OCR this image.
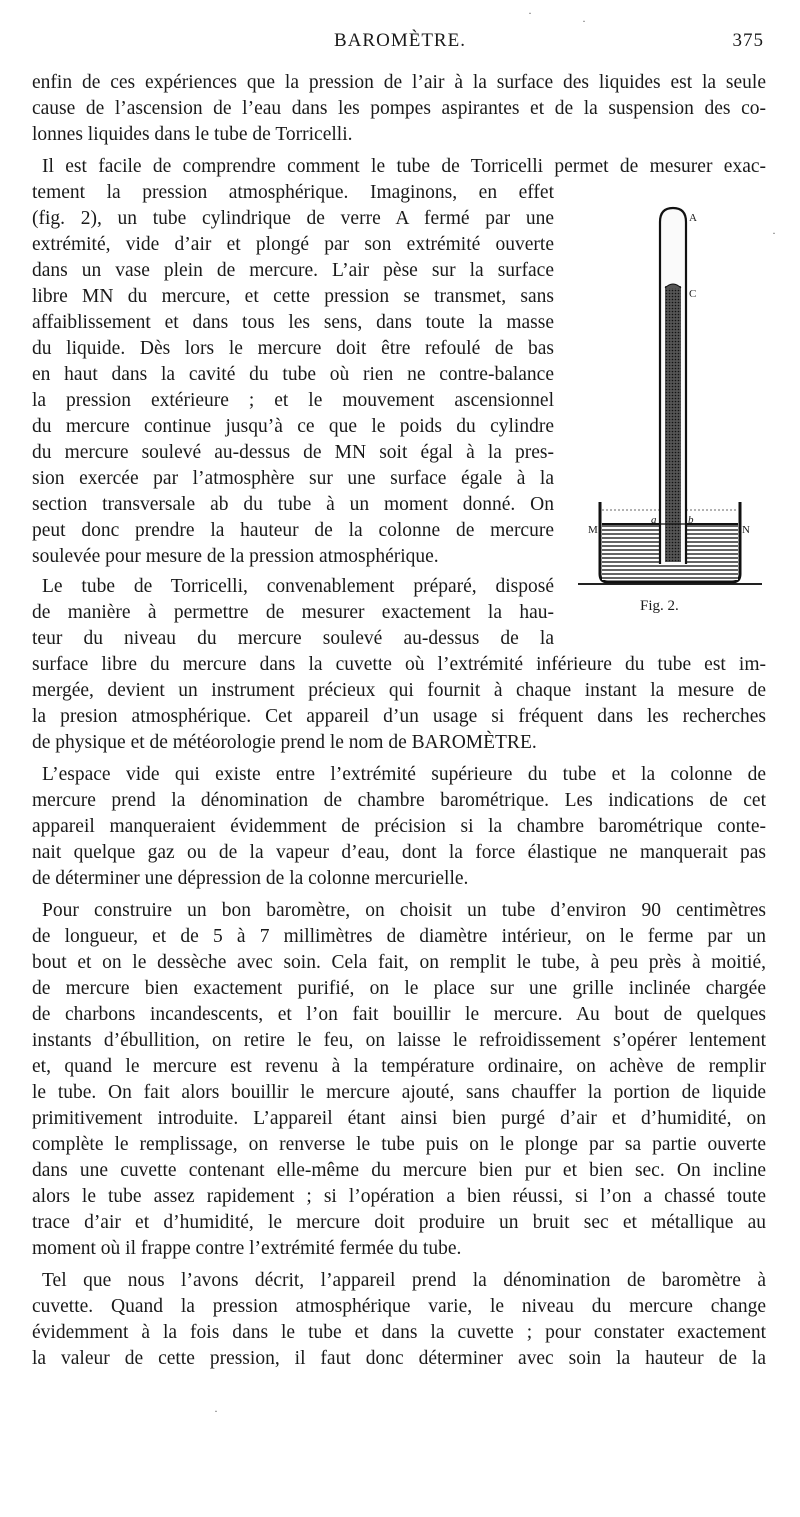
BAROMÈTRE.	375
·
·
·
·
enfin de ces expériences que la pression de l’air à la surface des liquides est la seule
cause de l’ascension de l’eau dans les pompes aspirantes et de la suspension des co-
lonnes liquides dans le tube de Torricelli.
Il est facile de comprendre comment le tube de Torricelli permet de mesurer exac-
tement la pression atmosphérique. Imaginons, en effet
(fig. 2), un tube cylindrique de verre A fermé par une
extrémité, vide d’air et plongé par son extrémité ouverte
dans un vase plein de mercure. L’air pèse sur la surface
libre MN du mercure, et cette pression se transmet, sans
affaiblissement et dans tous les sens, dans toute la masse
du liquide. Dès lors le mercure doit être refoulé de bas
en haut dans la cavité du tube où rien ne contre-balance
la pression extérieure ; et le mouvement ascensionnel
du mercure continue jusqu’à ce que le poids du cylindre
du mercure soulevé au-dessus de MN soit égal à la pres-
sion exercée par l’atmosphère sur une surface égale à la
section transversale ab du tube à un moment donné. On
peut donc prendre la hauteur de la colonne de mercure
soulevée pour mesure de la pression atmosphérique.
Le tube de Torricelli, convenablement préparé, disposé
de manière à permettre de mesurer exactement la hau-
teur du niveau du mercure soulevé au-dessus de la
surface libre du mercure dans la cuvette où l’extrémité inférieure du tube est im-
mergée, devient un instrument précieux qui fournit à chaque instant la mesure de
la presion atmosphérique. Cet appareil d’un usage si fréquent dans les recherches
de physique et de météorologie prend le nom de BAROMÈTRE.
L’espace vide qui existe entre l’extrémité supérieure du tube et la colonne de
mercure prend la dénomination de chambre barométrique. Les indications de cet
appareil manqueraient évidemment de précision si la chambre barométrique conte-
nait quelque gaz ou de la vapeur d’eau, dont la force élastique ne manquerait pas
de déterminer une dépression de la colonne mercurielle.
Pour construire un bon baromètre, on choisit un tube d’environ 90 centimètres
de longueur, et de 5 à 7 millimètres de diamètre intérieur, on le ferme par un
bout et on le dessèche avec soin. Cela fait, on remplit le tube, à peu près à moitié,
de mercure bien exactement purifié, on le place sur une grille inclinée chargée
de charbons incandescents, et l’on fait bouillir le mercure. Au bout de quelques
instants d’ébullition, on retire le feu, on laisse le refroidissement s’opérer lentement
et, quand le mercure est revenu à la température ordinaire, on achève de remplir
le tube. On fait alors bouillir le mercure ajouté, sans chauffer la portion de liquide
primitivement introduite. L’appareil étant ainsi bien purgé d’air et d’humidité, on
complète le remplissage, on renverse le tube puis on le plonge par sa partie ouverte
dans une cuvette contenant elle-même du mercure bien pur et bien sec. On incline
alors le tube assez rapidement ; si l’opération a bien réussi, si l’on a chassé toute
trace d’air et d’humidité, le mercure doit produire un bruit sec et métallique au
moment où il frappe contre l’extrémité fermée du tube.
Tel que nous l’avons décrit, l’appareil prend la dénomination de baromètre à
cuvette. Quand la pression atmosphérique varie, le niveau du mercure change
évidemment à la fois dans le tube et dans la cuvette ; pour constater exactement
la valeur de cette pression, il faut donc déterminer avec soin la hauteur de la
A
C
M	N
a	b
Fig. 2.
